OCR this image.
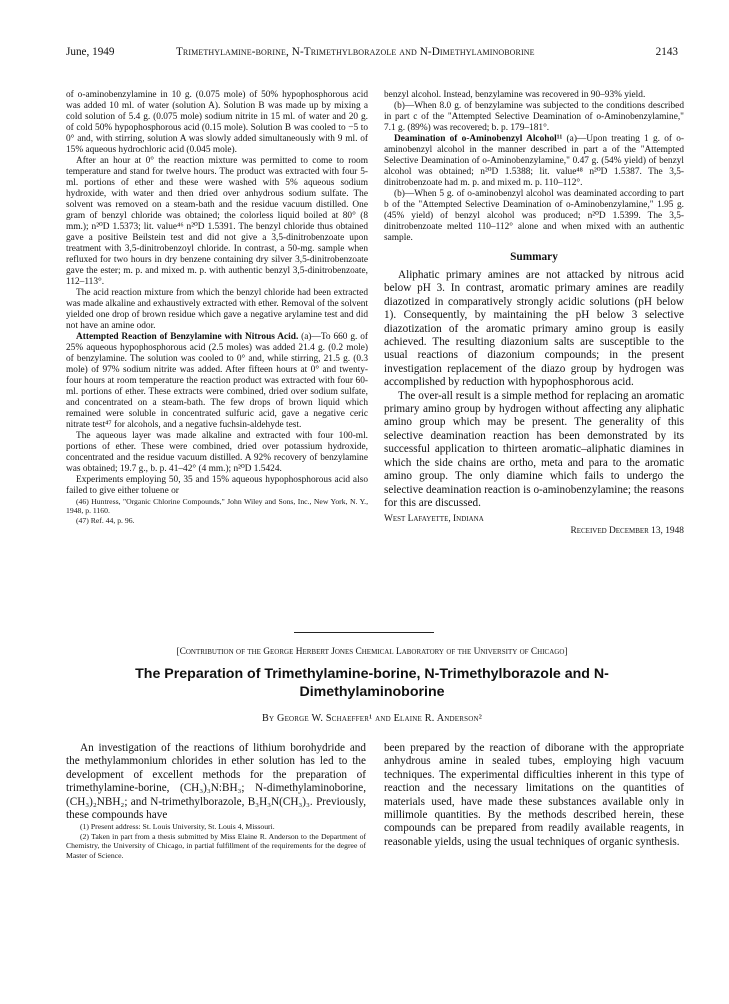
June, 1949	Trimethylamine-borine, N-Trimethylborazole and N-Dimethylaminoborine	2143

of o-aminobenzylamine in 10 g. (0.075 mole) of 50% hypophosphorous acid was added 10 ml. of water (solution A). Solution B was made up by mixing a cold solution of 5.4 g. (0.075 mole) sodium nitrite in 15 ml. of water and 20 g. of cold 50% hypophosphorous acid (0.15 mole). Solution B was cooled to −5 to 0° and, with stirring, solution A was slowly added simultaneously with 9 ml. of 15% aqueous hydrochloric acid (0.045 mole).

After an hour at 0° the reaction mixture was permitted to come to room temperature and stand for twelve hours. The product was extracted with four 5-ml. portions of ether and these were washed with 5% aqueous sodium hydroxide, with water and then dried over anhydrous sodium sulfate. The solvent was removed on a steam-bath and the residue vacuum distilled. One gram of benzyl chloride was obtained; the colorless liquid boiled at 80° (8 mm.); n²⁰D 1.5373; lit. value⁴⁶ n²⁰D 1.5391. The benzyl chloride thus obtained gave a positive Beilstein test and did not give a 3,5-dinitrobenzoate upon treatment with 3,5-dinitrobenzoyl chloride. In contrast, a 50-mg. sample when refluxed for two hours in dry benzene containing dry silver 3,5-dinitrobenzoate gave the ester; m. p. and mixed m. p. with authentic benzyl 3,5-dinitrobenzoate, 112–113°.

The acid reaction mixture from which the benzyl chloride had been extracted was made alkaline and exhaustively extracted with ether. Removal of the solvent yielded one drop of brown residue which gave a negative arylamine test and did not have an amine odor.

Attempted Reaction of Benzylamine with Nitrous Acid. (a)—To 660 g. of 25% aqueous hypophosphorous acid (2.5 moles) was added 21.4 g. (0.2 mole) of benzylamine. The solution was cooled to 0° and, while stirring, 21.5 g. (0.3 mole) of 97% sodium nitrite was added. After fifteen hours at 0° and twenty-four hours at room temperature the reaction product was extracted with four 60-ml. portions of ether. These extracts were combined, dried over sodium sulfate, and concentrated on a steam-bath. The few drops of brown liquid which remained were soluble in concentrated sulfuric acid, gave a negative ceric nitrate test⁴⁷ for alcohols, and a negative fuchsin-aldehyde test.

The aqueous layer was made alkaline and extracted with four 100-ml. portions of ether. These were combined, dried over potassium hydroxide, concentrated and the residue vacuum distilled. A 92% recovery of benzylamine was obtained; 19.7 g., b. p. 41–42° (4 mm.); n²⁰D 1.5424.

Experiments employing 50, 35 and 15% aqueous hypophosphorous acid also failed to give either toluene or

(46) Huntress, "Organic Chlorine Compounds," John Wiley and Sons, Inc., New York, N. Y., 1948, p. 1160.

(47) Ref. 44, p. 96.

benzyl alcohol. Instead, benzylamine was recovered in 90–93% yield.

(b)—When 8.0 g. of benzylamine was subjected to the conditions described in part c of the "Attempted Selective Deamination of o-Aminobenzylamine," 7.1 g. (89%) was recovered; b. p. 179–181°.

Deamination of o-Aminobenzyl Alcohol¹¹ (a)—Upon treating 1 g. of o-aminobenzyl alcohol in the manner described in part a of the "Attempted Selective Deamination of o-Aminobenzylamine," 0.47 g. (54% yield) of benzyl alcohol was obtained; n²⁰D 1.5388; lit. value⁴⁸ n²⁰D 1.5387. The 3,5-dinitrobenzoate had m. p. and mixed m. p. 110–112°.

(b)—When 5 g. of o-aminobenzyl alcohol was deaminated according to part b of the "Attempted Selective Deamination of o-Aminobenzylamine," 1.95 g. (45% yield) of benzyl alcohol was produced; n²⁰D 1.5399. The 3,5-dinitrobenzoate melted 110–112° alone and when mixed with an authentic sample.

Summary

Aliphatic primary amines are not attacked by nitrous acid below pH 3. In contrast, aromatic primary amines are readily diazotized in comparatively strongly acidic solutions (pH below 1). Consequently, by maintaining the pH below 3 selective diazotization of the aromatic primary amino group is easily achieved. The resulting diazonium salts are susceptible to the usual reactions of diazonium compounds; in the present investigation replacement of the diazo group by hydrogen was accomplished by reduction with hypophosphorous acid.

The over-all result is a simple method for replacing an aromatic primary amino group by hydrogen without affecting any aliphatic amino group which may be present. The generality of this selective deamination reaction has been demonstrated by its successful application to thirteen aromatic–aliphatic diamines in which the side chains are ortho, meta and para to the aromatic amino group. The only diamine which fails to undergo the selective deamination reaction is o-aminobenzylamine; the reasons for this are discussed.

West Lafayette, Indiana
Received December 13, 1948
[Contribution of the George Herbert Jones Chemical Laboratory of the University of Chicago]
The Preparation of Trimethylamine-borine, N-Trimethylborazole and N-Dimethylaminoborine
By George W. Schaeffer¹ and Elaine R. Anderson²

An investigation of the reactions of lithium borohydride and the methylammonium chlorides in ether solution has led to the development of excellent methods for the preparation of trimethylamine-borine, (CH₃)₃N:BH₃; N-dimethylaminoborine, (CH₃)₂NBH₂; and N-trimethylborazole, B₃H₃N(CH₃)₃. Previously, these compounds have

(1) Present address: St. Louis University, St. Louis 4, Missouri.

(2) Taken in part from a thesis submitted by Miss Elaine R. Anderson to the Department of Chemistry, the University of Chicago, in partial fulfillment of the requirements for the degree of Master of Science.

been prepared by the reaction of diborane with the appropriate anhydrous amine in sealed tubes, employing high vacuum techniques. The experimental difficulties inherent in this type of reaction and the necessary limitations on the quantities of materials used, have made these substances available only in millimole quantities. By the methods described herein, these compounds can be prepared from readily available reagents, in reasonable yields, using the usual techniques of organic synthesis.
